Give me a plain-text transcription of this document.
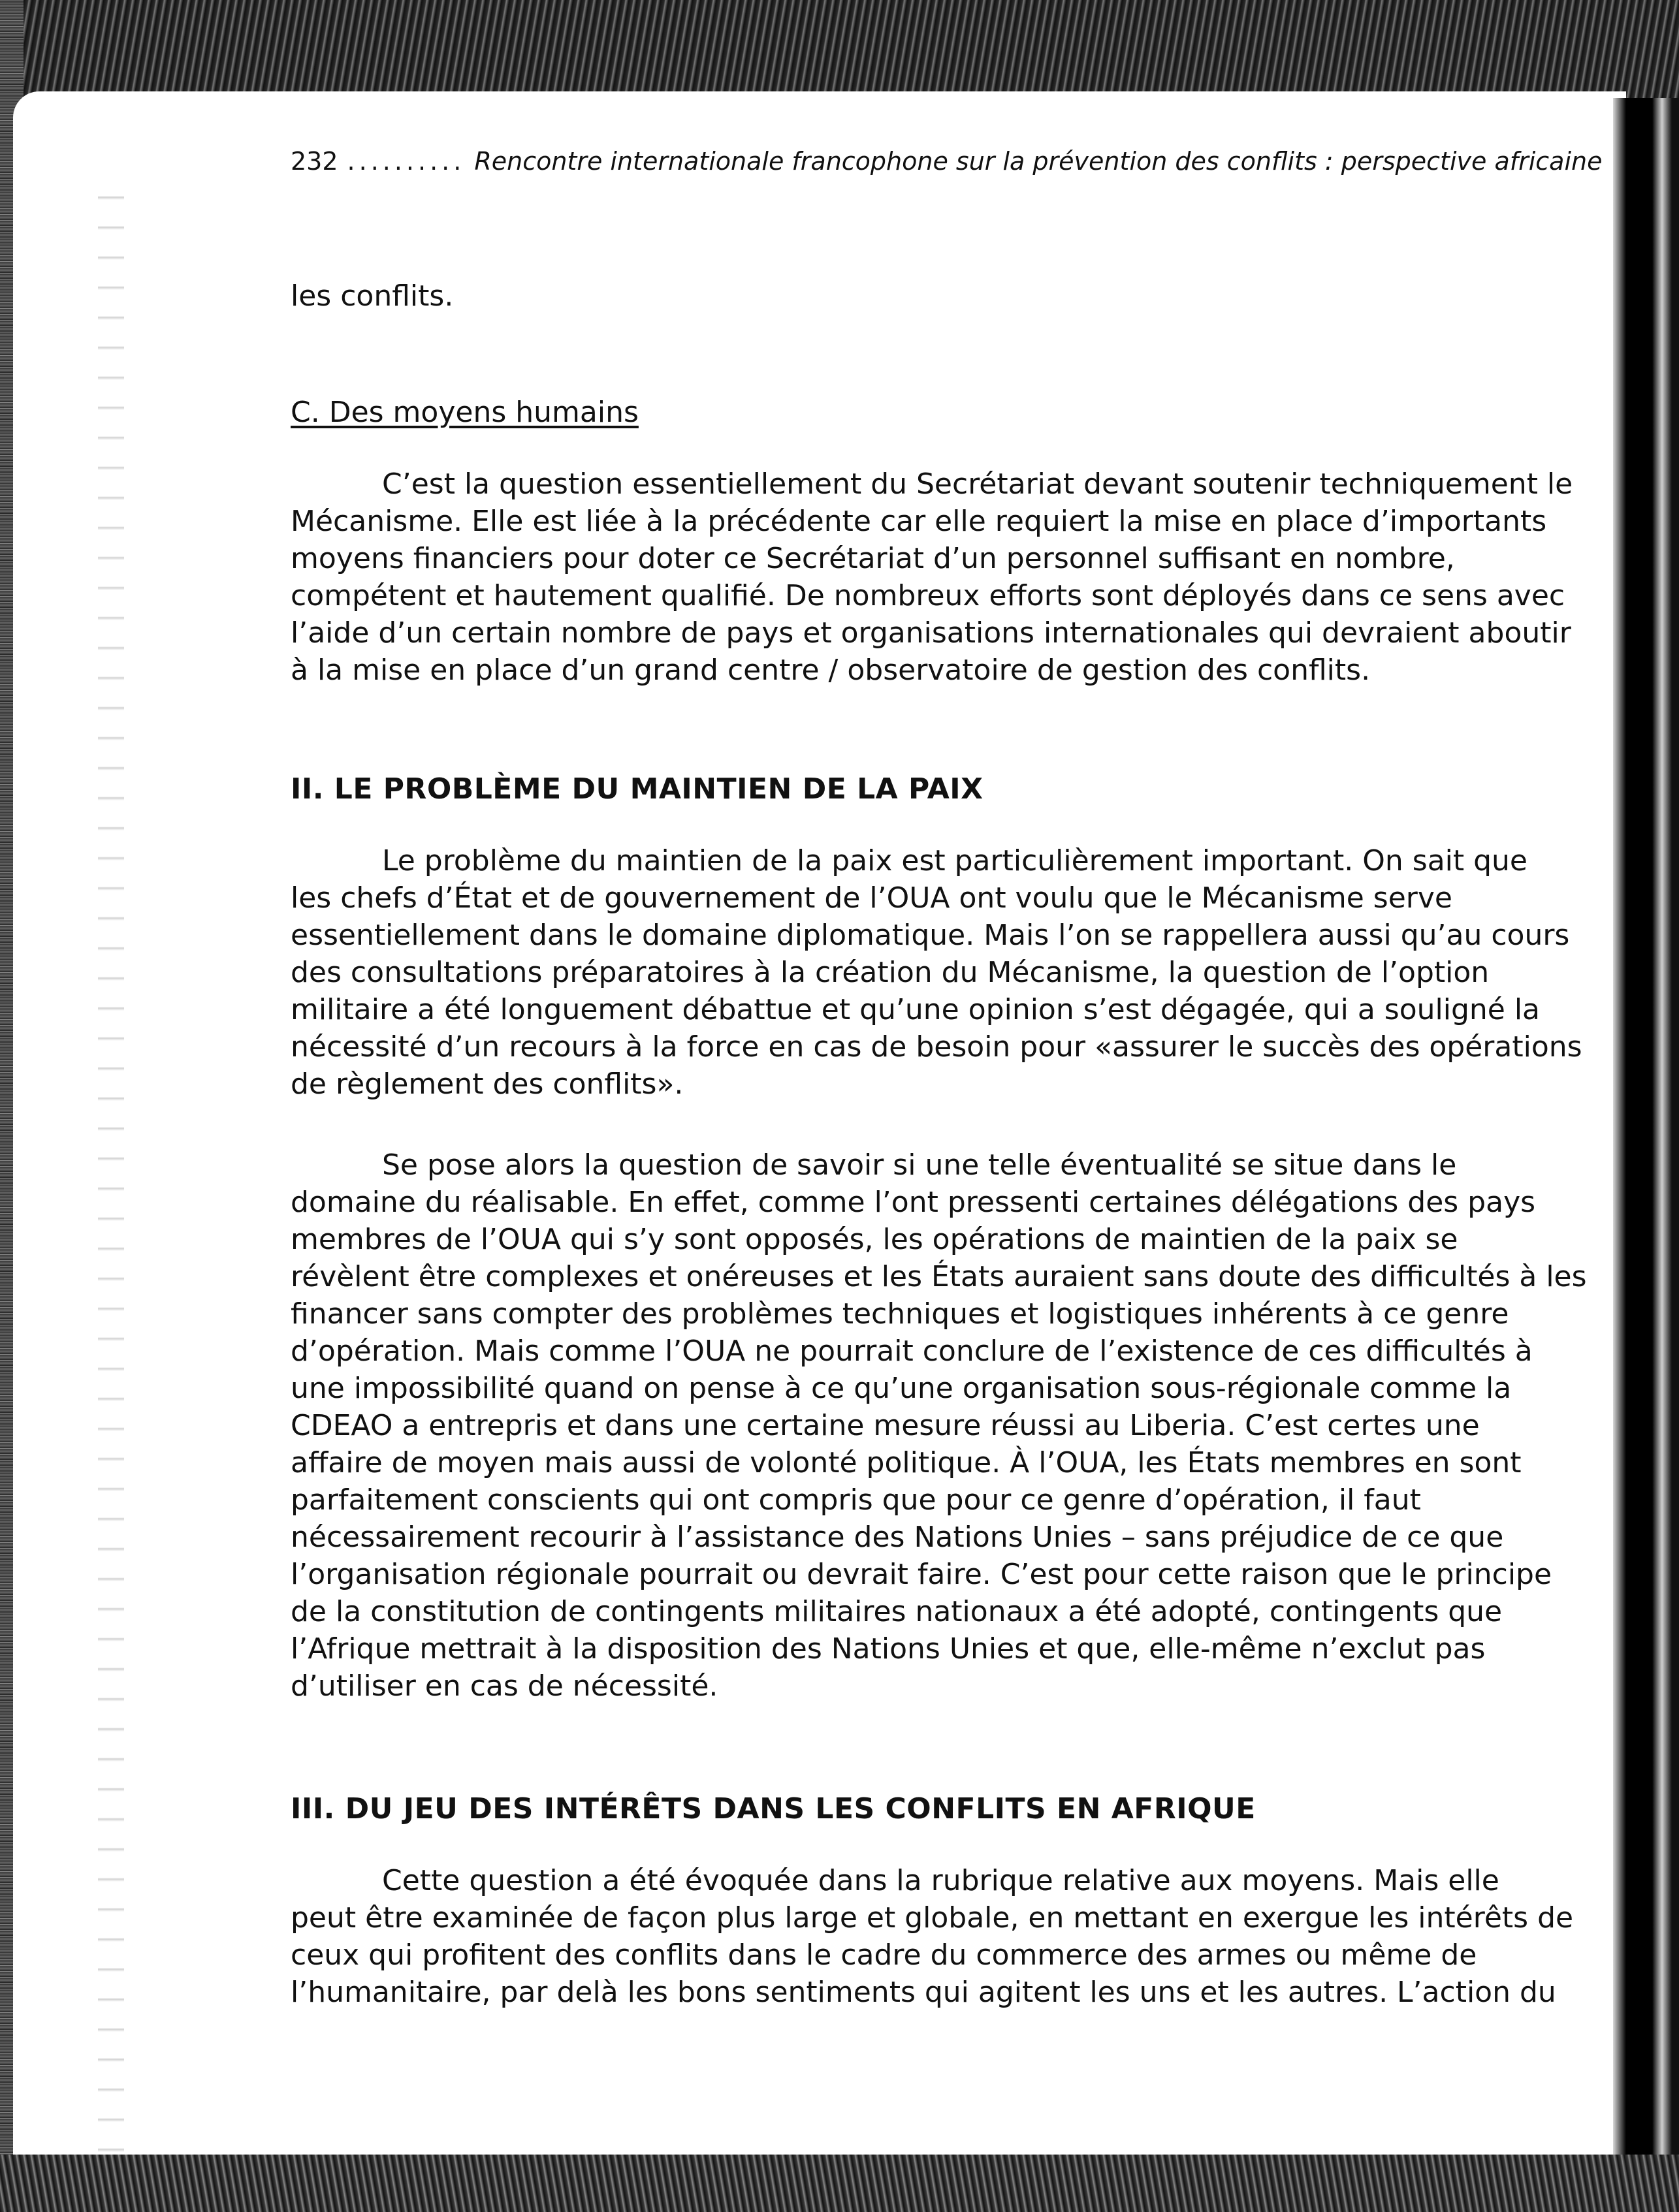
232 .......... Rencontre internationale francophone sur la prévention des conflits : perspective africaine

les conflits.

C. Des moyens humains

C’est la question essentiellement du Secrétariat devant soutenir techniquement le

Mécanisme. Elle est liée à la précédente car elle requiert la mise en place d’importants

moyens financiers pour doter ce Secrétariat d’un personnel suffisant en nombre,

compétent et hautement qualifié. De nombreux efforts sont déployés dans ce sens avec

l’aide d’un certain nombre de pays et organisations internationales qui devraient aboutir

à la mise en place d’un grand centre / observatoire de gestion des conflits.

II. LE PROBLÈME DU MAINTIEN DE LA PAIX

Le problème du maintien de la paix est particulièrement important. On sait que

les chefs d’État et de gouvernement de l’OUA ont voulu que le Mécanisme serve

essentiellement dans le domaine diplomatique. Mais l’on se rappellera aussi qu’au cours

des consultations préparatoires à la création du Mécanisme, la question de l’option

militaire a été longuement débattue et qu’une opinion s’est dégagée, qui a souligné la

nécessité d’un recours à la force en cas de besoin pour «assurer le succès des opérations

de règlement des conflits».

Se pose alors la question de savoir si une telle éventualité se situe dans le

domaine du réalisable. En effet, comme l’ont pressenti certaines délégations des pays

membres de l’OUA qui s’y sont opposés, les opérations de maintien de la paix se

révèlent être complexes et onéreuses et les États auraient sans doute des difficultés à les

financer sans compter des problèmes techniques et logistiques inhérents à ce genre

d’opération. Mais comme l’OUA ne pourrait conclure de l’existence de ces difficultés à

une impossibilité quand on pense à ce qu’une organisation sous-régionale comme la

CDEAO a entrepris et dans une certaine mesure réussi au Liberia. C’est certes une

affaire de moyen mais aussi de volonté politique. À l’OUA, les États membres en sont

parfaitement conscients qui ont compris que pour ce genre d’opération, il faut

nécessairement recourir à l’assistance des Nations Unies – sans préjudice de ce que

l’organisation régionale pourrait ou devrait faire. C’est pour cette raison que le principe

de la constitution de contingents militaires nationaux a été adopté, contingents que

l’Afrique mettrait à la disposition des Nations Unies et que, elle-même n’exclut pas

d’utiliser en cas de nécessité.

III. DU JEU DES INTÉRÊTS DANS LES CONFLITS EN AFRIQUE

Cette question a été évoquée dans la rubrique relative aux moyens. Mais elle

peut être examinée de façon plus large et globale, en mettant en exergue les intérêts de

ceux qui profitent des conflits dans le cadre du commerce des armes ou même de

l’humanitaire, par delà les bons sentiments qui agitent les uns et les autres. L’action du
